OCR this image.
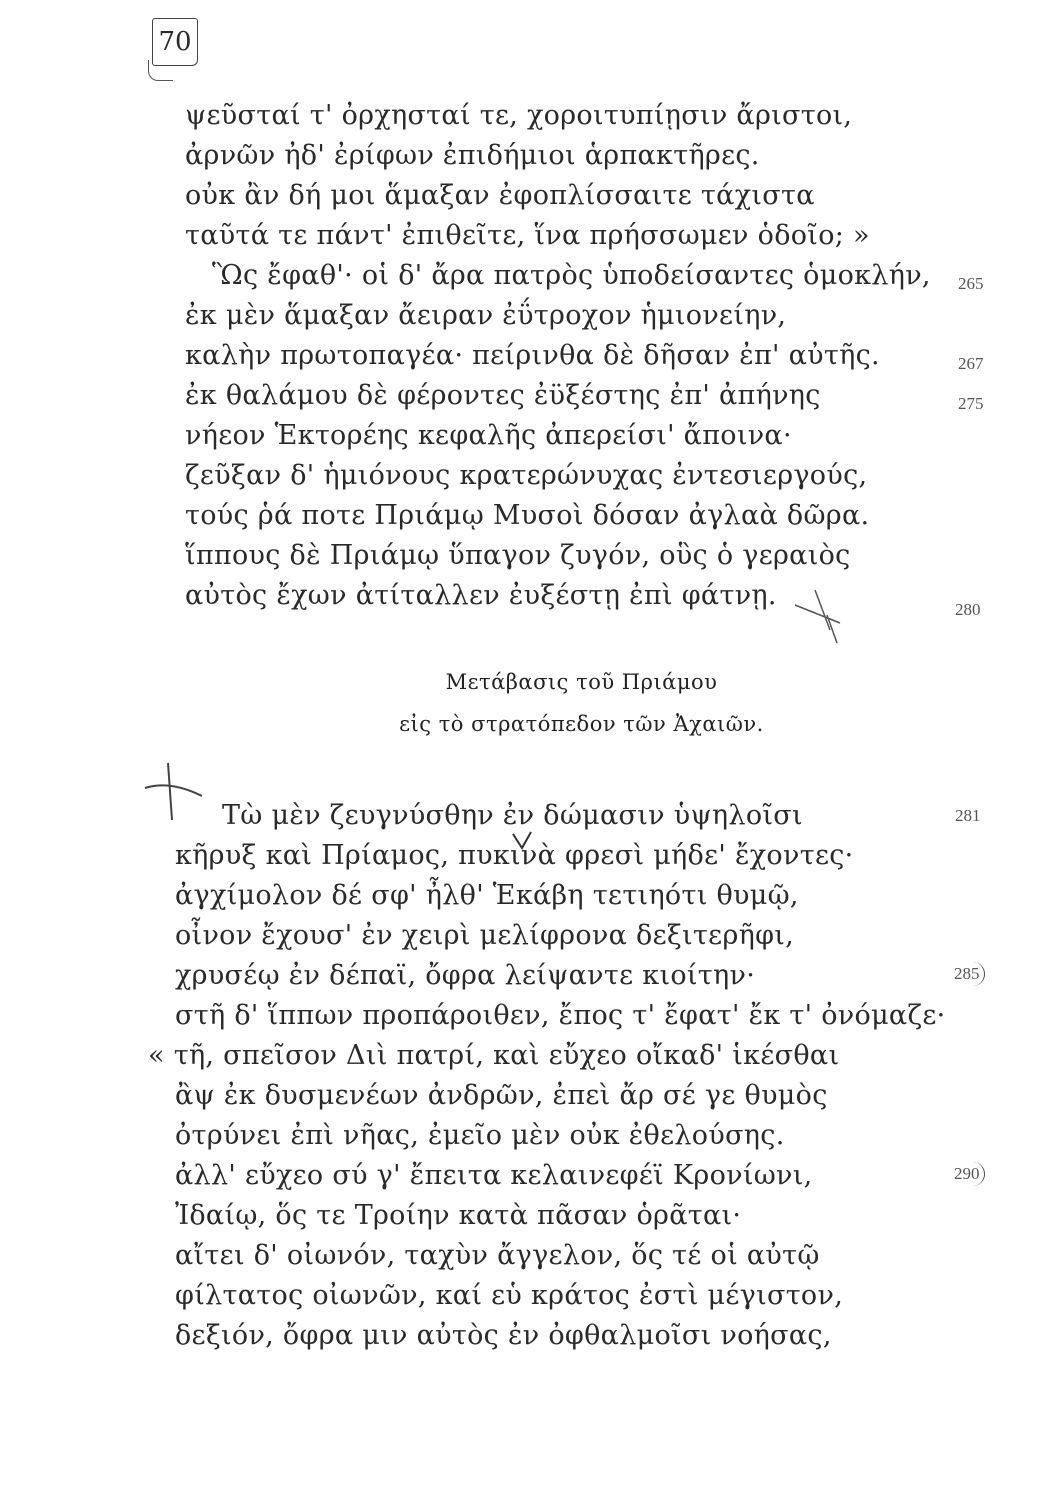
70
ψεῦσταί τ' ὀρχησταί τε, χοροιτυπίῃσιν ἄριστοι,
ἀρνῶν ἠδ' ἐρίφων ἐπιδήμιοι ἁρπακτῆρες.
οὐκ ἂν δή μοι ἅμαξαν ἐφοπλίσσαιτε τάχιστα
ταῦτά τε πάντ' ἐπιθεῖτε, ἵνα πρήσσωμεν ὁδοῖο; »
Ὣς ἔφαθ'· οἱ δ' ἄρα πατρὸς ὑποδείσαντες ὁμοκλήν,
ἐκ μὲν ἅμαξαν ἄειραν ἐΰτροχον ἡμιονείην,
καλὴν πρωτοπαγέα· πείρινθα δὲ δῆσαν ἐπ' αὐτῆς.
ἐκ θαλάμου δὲ φέροντες ἐϋξέστης ἐπ' ἀπήνης
νήεον Ἑκτορέης κεφαλῆς ἀπερείσι' ἄποινα·
ζεῦξαν δ' ἡμιόνους κρατερώνυχας ἐντεσιεργούς,
τούς ῥά ποτε Πριάμῳ Μυσοὶ δόσαν ἀγλαὰ δῶρα.
ἵππους δὲ Πριάμῳ ὕπαγον ζυγόν, οὓς ὁ γεραιὸς
αὐτὸς ἔχων ἀτίταλλεν ἐυξέστῃ ἐπὶ φάτνῃ.
265
267
275
280
Μετάβασις τοῦ Πριάμου
εἰς τὸ στρατόπεδον τῶν Ἀχαιῶν.
Τὼ μὲν ζευγνύσθην ἐν δώμασιν ὑψηλοῖσι
κῆρυξ καὶ Πρίαμος, πυκινὰ φρεσὶ μήδε' ἔχοντες·
ἀγχίμολον δέ σφ' ἦλθ' Ἑκάβη τετιηότι θυμῷ,
οἶνον ἔχουσ' ἐν χειρὶ μελίφρονα δεξιτερῆφι,
χρυσέῳ ἐν δέπαϊ, ὄφρα λείψαντε κιοίτην·
στῆ δ' ἵππων προπάροιθεν, ἔπος τ' ἔφατ' ἔκ τ' ὀνόμαζε·
« τῆ, σπεῖσον Διὶ πατρί, καὶ εὔχεο οἴκαδ' ἱκέσθαι
ἂψ ἐκ δυσμενέων ἀνδρῶν, ἐπεὶ ἄρ σέ γε θυμὸς
ὀτρύνει ἐπὶ νῆας, ἐμεῖο μὲν οὐκ ἐθελούσης.
ἀλλ' εὔχεο σύ γ' ἔπειτα κελαινεφέϊ Κρονίωνι,
Ἰδαίῳ, ὅς τε Τροίην κατὰ πᾶσαν ὁρᾶται·
αἴτει δ' οἰωνόν, ταχὺν ἄγγελον, ὅς τέ οἱ αὐτῷ
φίλτατος οἰωνῶν, καί εὑ κράτος ἐστὶ μέγιστον,
δεξιόν, ὄφρα μιν αὐτὸς ἐν ὀφθαλμοῖσι νοήσας,
281
285
290
